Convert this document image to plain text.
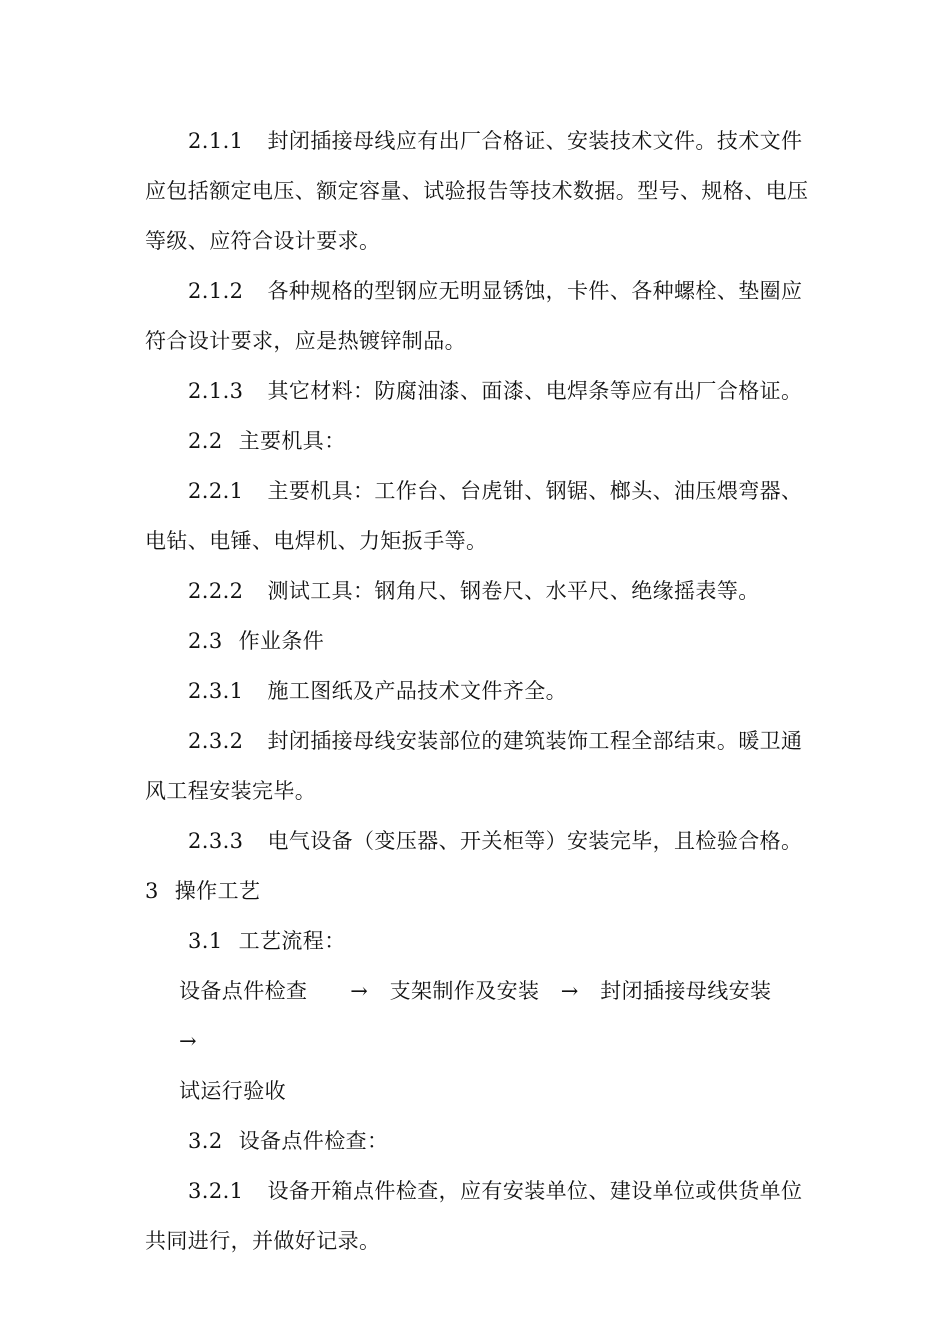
2.1.1 封闭插接母线应有出厂合格证、安装技术文件。技术文件应包括额定电压、额定容量、试验报告等技术数据。型号、规格、电压等级、应符合设计要求。

2.1.2 各种规格的型钢应无明显锈蚀，卡件、各种螺栓、垫圈应符合设计要求，应是热镀锌制品。

2.1.3 其它材料：防腐油漆、面漆、电焊条等应有出厂合格证。

2.2 主要机具：

2.2.1 主要机具：工作台、台虎钳、钢锯、榔头、油压煨弯器、电钻、电锤、电焊机、力矩扳手等。

2.2.2 测试工具：钢角尺、钢卷尺、水平尺、绝缘摇表等。

2.3 作业条件

2.3.1 施工图纸及产品技术文件齐全。

2.3.2 封闭插接母线安装部位的建筑装饰工程全部结束。暖卫通风工程安装完毕。

2.3.3 电气设备（变压器、开关柜等）安装完毕，且检验合格。

3 操作工艺

3.1 工艺流程：

设备点件检查　　→　支架制作及安装　→　封闭插接母线安装　　→
试运行验收

3.2 设备点件检查：

3.2.1 设备开箱点件检查，应有安装单位、建设单位或供货单位共同进行，并做好记录。
